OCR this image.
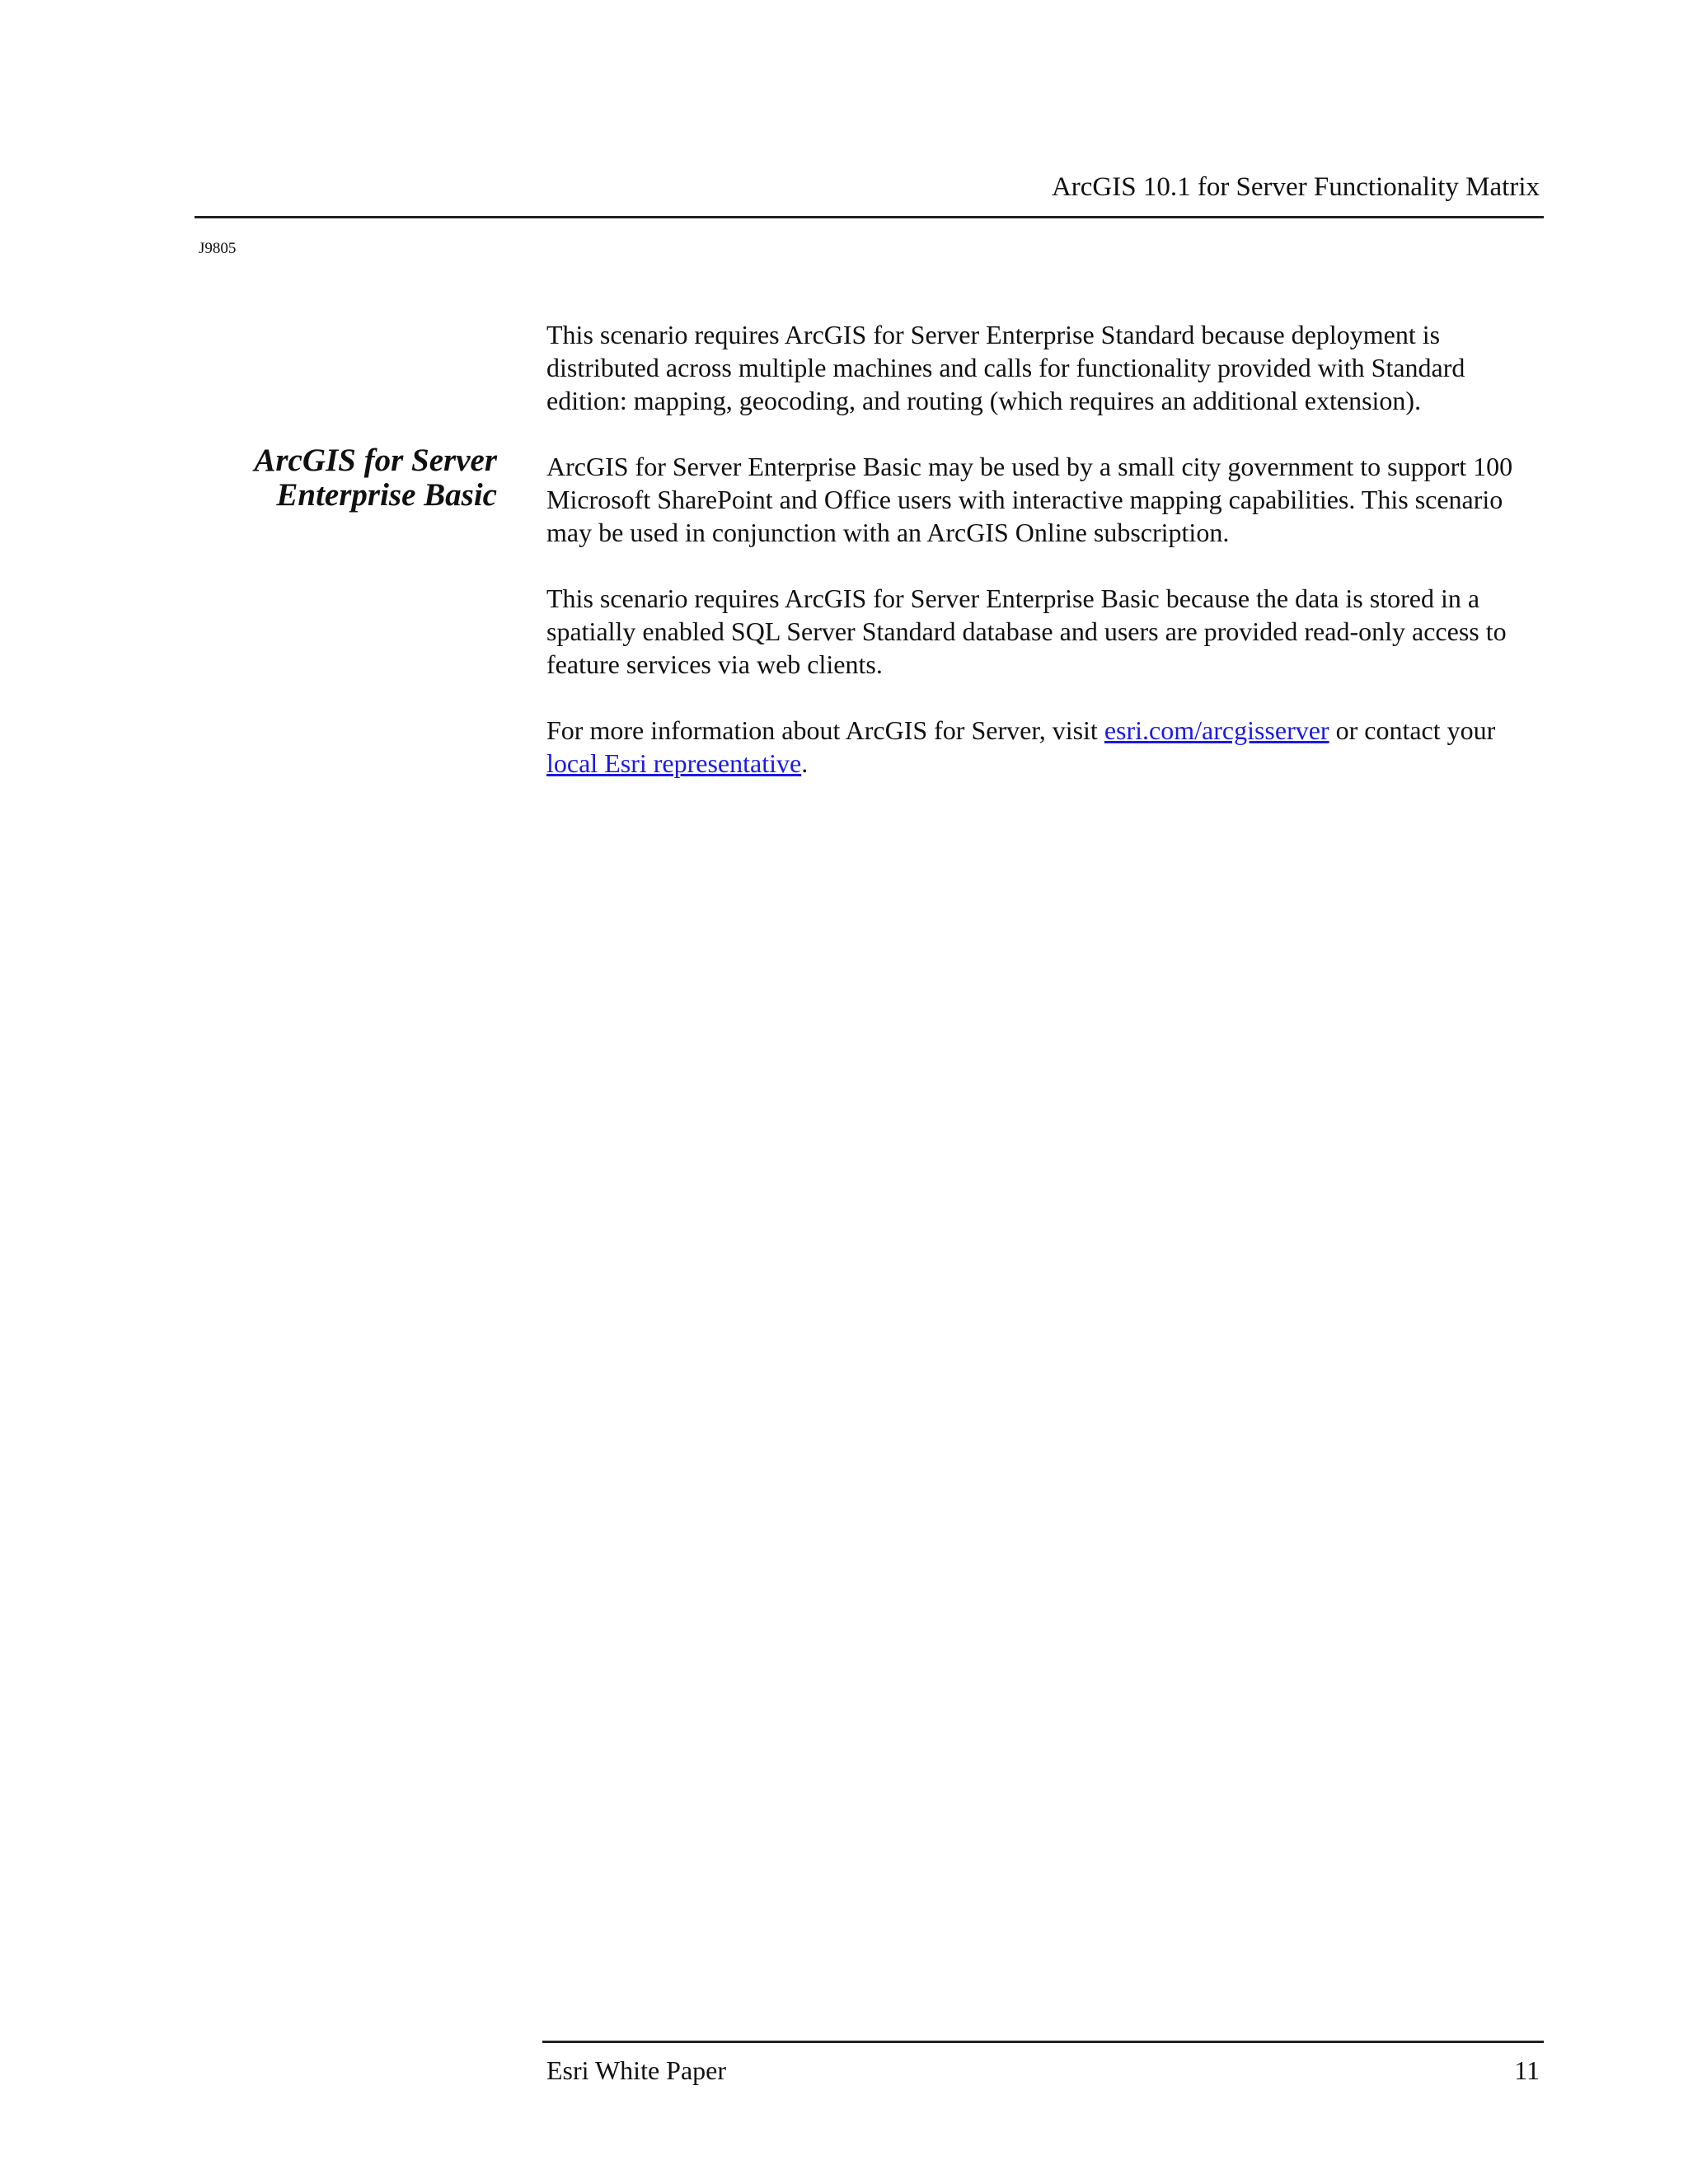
ArcGIS 10.1 for Server Functionality Matrix
J9805
ArcGIS for Server
Enterprise Basic

This scenario requires ArcGIS for Server Enterprise Standard because deployment is distributed across multiple machines and calls for functionality provided with Standard edition: mapping, geocoding, and routing (which requires an additional extension).

ArcGIS for Server Enterprise Basic may be used by a small city government to support 100 Microsoft SharePoint and Office users with interactive mapping capabilities. This scenario may be used in conjunction with an ArcGIS Online subscription.

This scenario requires ArcGIS for Server Enterprise Basic because the data is stored in a spatially enabled SQL Server Standard database and users are provided read-only access to feature services via web clients.

For more information about ArcGIS for Server, visit esri.com/arcgisserver or contact your local Esri representative.

Esri White Paper	11
